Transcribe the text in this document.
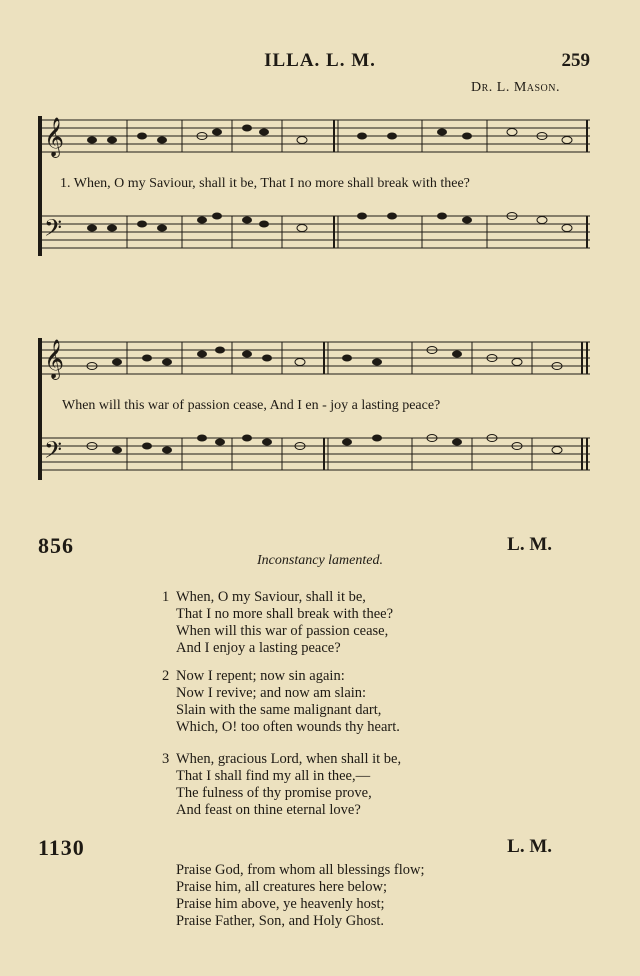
ILLA. L. M.	259
Dr. L. Mason.
𝄞
1. When, O my Saviour, shall it be, That I no more shall break with thee?
𝄢
𝄞
When will this war of passion cease, And I en - joy a lasting peace?
𝄢
856	L. M.
Inconstancy lamented.
1 When, O my Saviour, shall it be,
That I no more shall break with thee?
When will this war of passion cease,
And I enjoy a lasting peace?
2 Now I repent; now sin again:
Now I revive; and now am slain:
Slain with the same malignant dart,
Which, O! too often wounds thy heart.
3 When, gracious Lord, when shall it be,
That I shall find my all in thee,—
The fulness of thy promise prove,
And feast on thine eternal love?
1130	L. M.
Praise God, from whom all blessings flow;
Praise him, all creatures here below;
Praise him above, ye heavenly host;
Praise Father, Son, and Holy Ghost.
